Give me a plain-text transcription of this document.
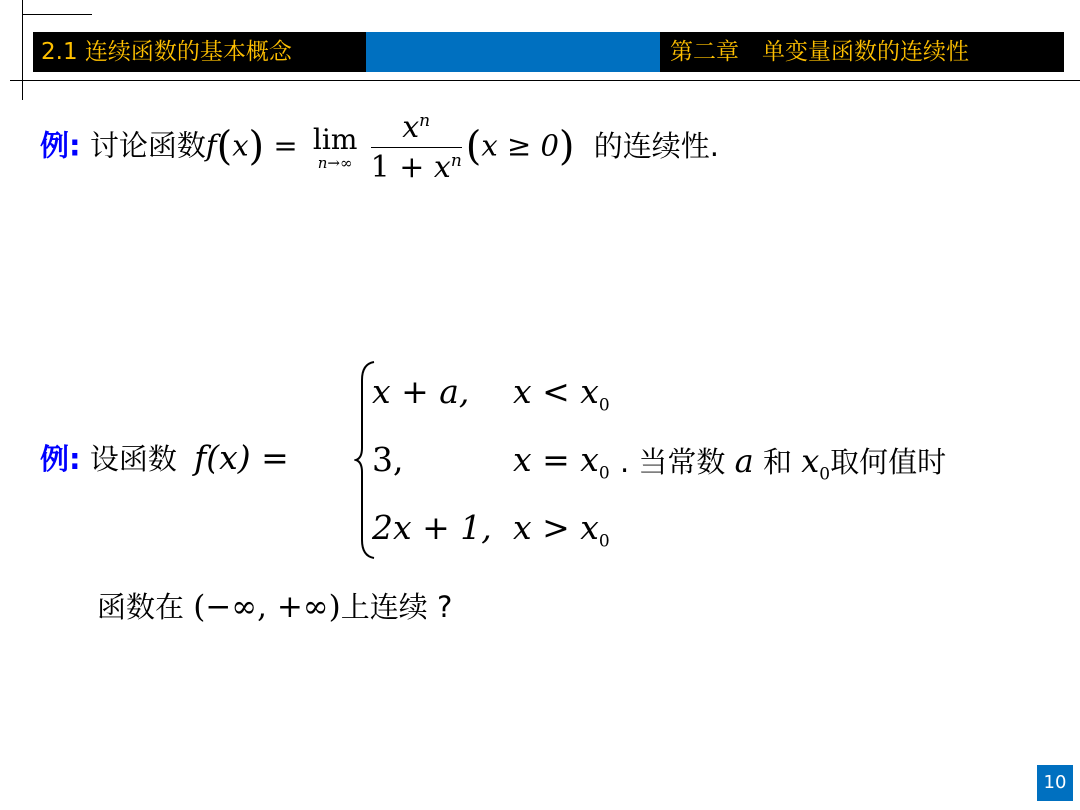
2.1 连续函数的基本概念	第二章　单变量函数的连续性
例: 讨论函数f(x) = lim
n→∞
$\frac{x^n}{1 + x^n} (x \ge 0)$ 的连续性.
例: 设函数 f(x) =
x + a, $x < x_0$
3,	$x = x_0$
2x + 1, $x > x_0$
. 当常数 a 和 $x_0$取何值时
函数在 (−∞, +∞)上连续 ?
10
